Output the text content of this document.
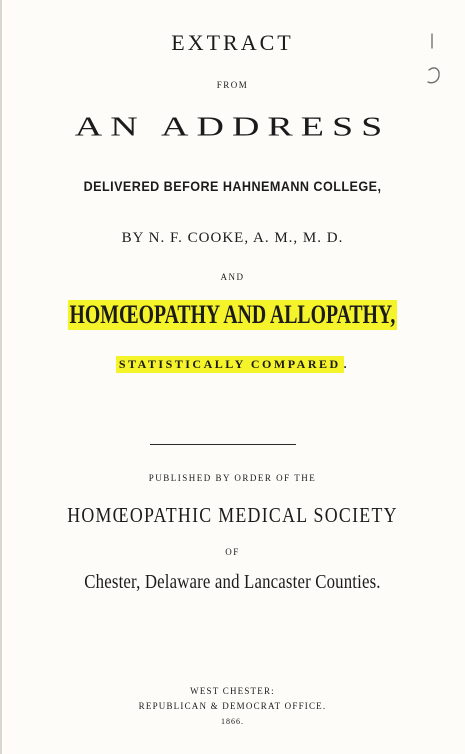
EXTRACT
FROM
AN ADDRESS
DELIVERED BEFORE HAHNEMANN COLLEGE,
BY N. F. COOKE, A. M., M. D.
AND
HOMŒOPATHY AND ALLOPATHY,
STATISTICALLY COMPARED .
PUBLISHED BY ORDER OF THE
HOMŒOPATHIC MEDICAL SOCIETY
OF
Chester, Delaware and Lancaster Counties.
WEST CHESTER:
REPUBLICAN & DEMOCRAT OFFICE.
1866.
